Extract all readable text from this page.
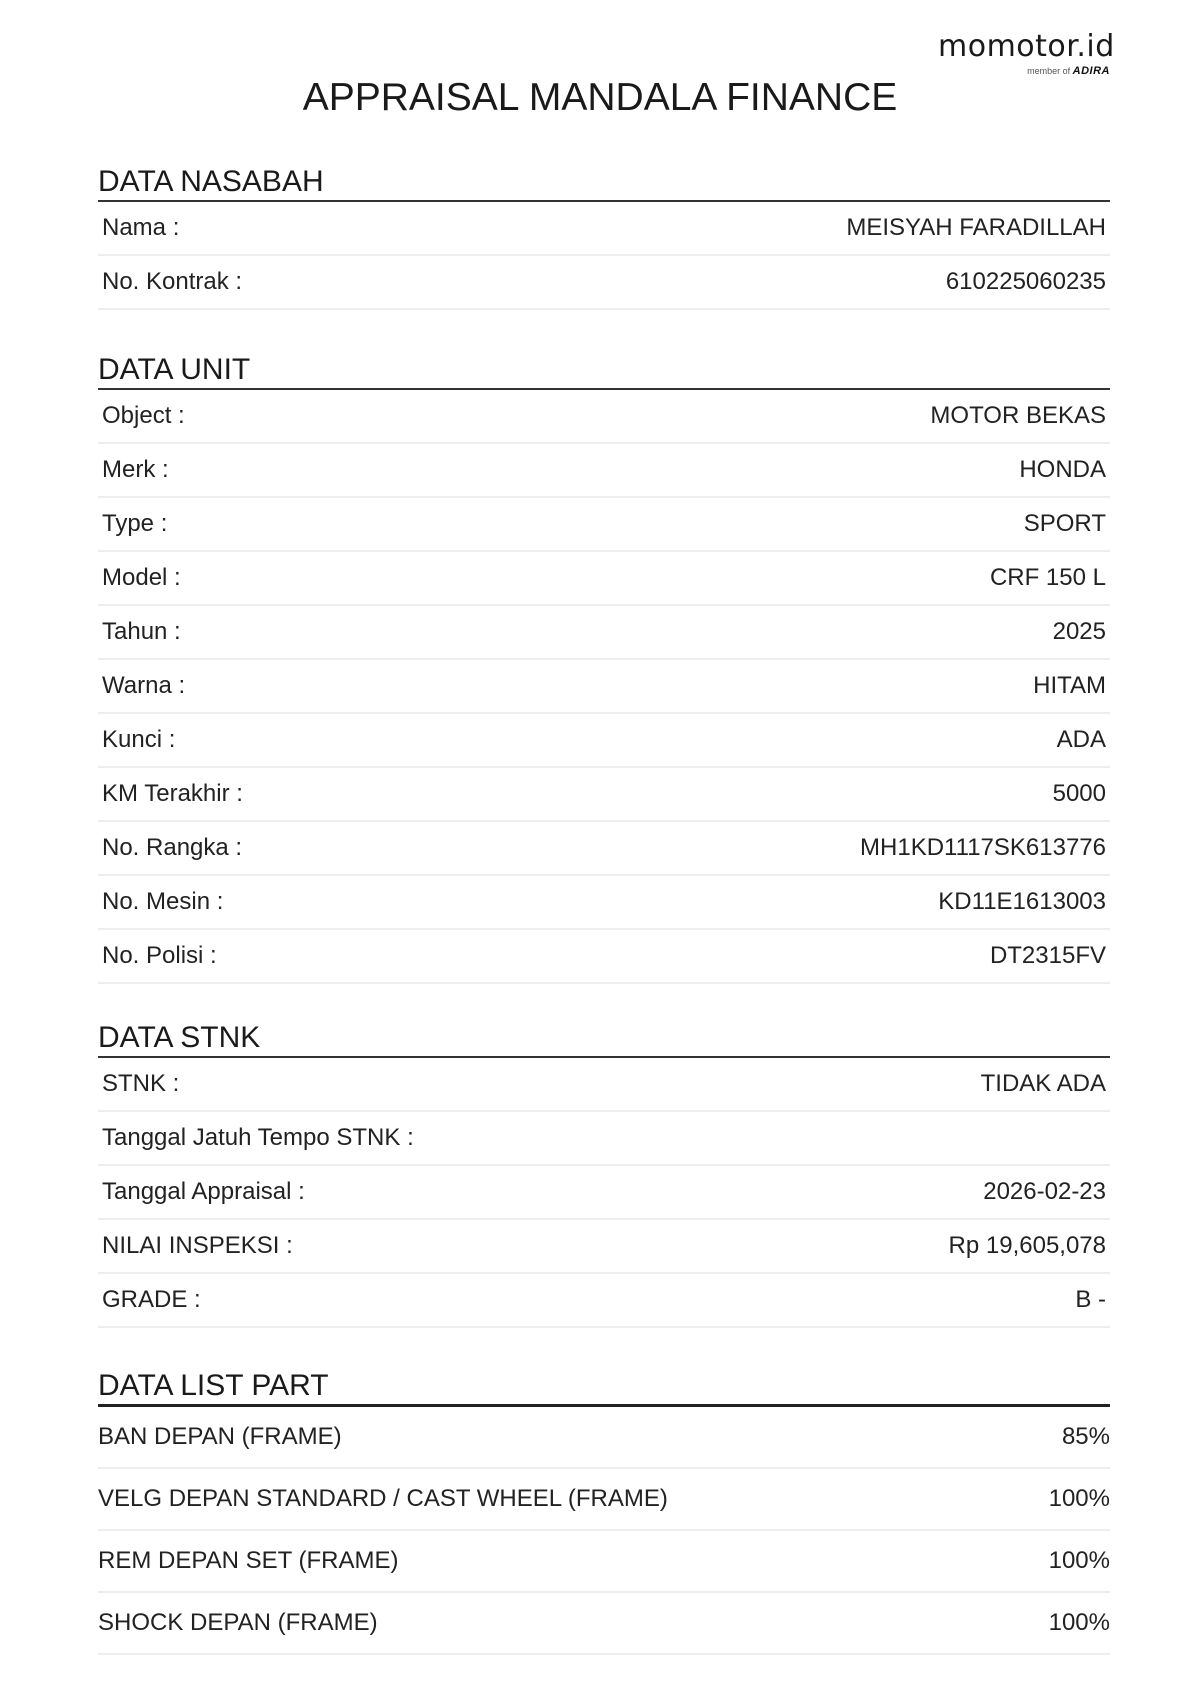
momotor.id
member of ADIRA
APPRAISAL MANDALA FINANCE
DATA NASABAH
Nama :	MEISYAH FARADILLAH
No. Kontrak :	610225060235
DATA UNIT
Object :	MOTOR BEKAS
Merk :	HONDA
Type :	SPORT
Model :	CRF 150 L
Tahun :	2025
Warna :	HITAM
Kunci :	ADA
KM Terakhir :	5000
No. Rangka :	MH1KD1117SK613776
No. Mesin :	KD11E1613003
No. Polisi :	DT2315FV
DATA STNK
STNK :	TIDAK ADA
Tanggal Jatuh Tempo STNK :
Tanggal Appraisal :	2026-02-23
NILAI INSPEKSI :	Rp 19,605,078
GRADE :	B -
DATA LIST PART
BAN DEPAN (FRAME)	85%
VELG DEPAN STANDARD / CAST WHEEL (FRAME)	100%
REM DEPAN SET (FRAME)	100%
SHOCK DEPAN (FRAME)	100%
